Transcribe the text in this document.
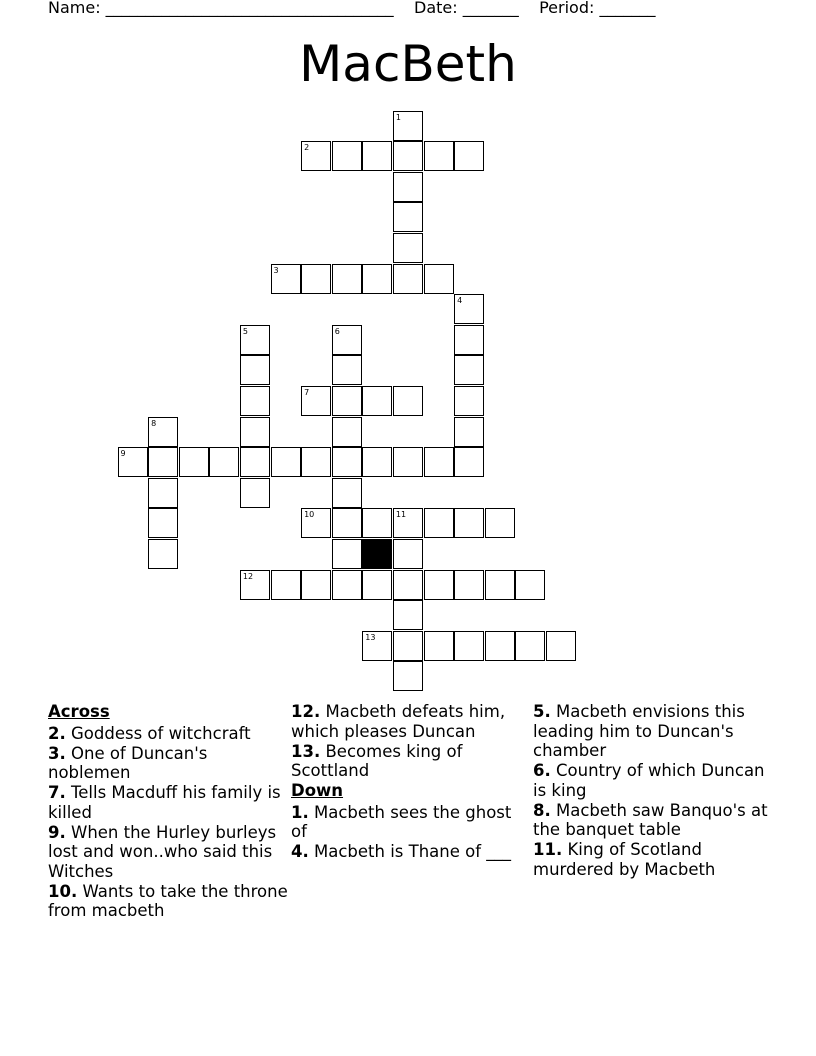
Name: ____________________________________    Date: _______    Period: _______
MacBeth
1
2
3
4
5	6
7
8
9
10	11
12
13
Across
2. Goddess of witchcraft
3. One of Duncan's noblemen
7. Tells Macduff his family is killed
9. When the Hurley burleys lost and won..who said this Witches
10. Wants to take the throne from macbeth
12. Macbeth defeats him, which pleases Duncan
13. Becomes king of Scottland
Down
1. Macbeth sees the ghost of
4. Macbeth is Thane of ___
5. Macbeth envisions this leading him to Duncan's chamber
6. Country of which Duncan is king
8. Macbeth saw Banquo's at the banquet table
11. King of Scotland murdered by Macbeth
